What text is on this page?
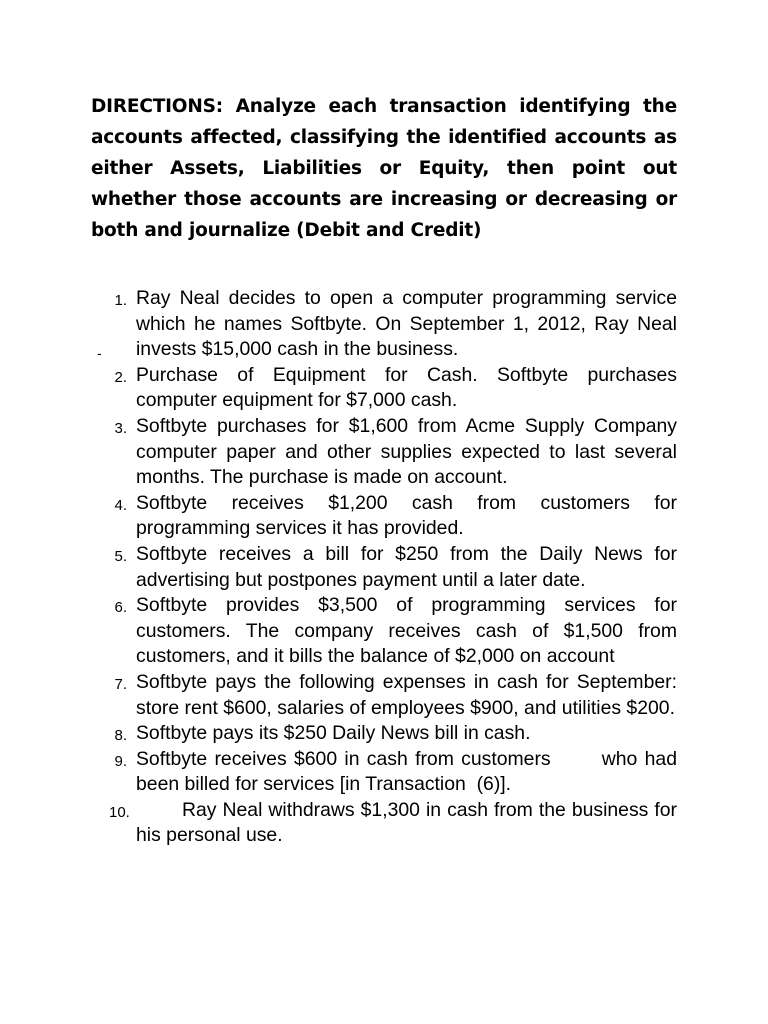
DIRECTIONS: Analyze each transaction identifying the accounts affected, classifying the identified accounts as either Assets, Liabilities or Equity, then point out whether those accounts are increasing or decreasing or both and journalize (Debit and Credit)

1. Ray Neal decides to open a computer programming service which he names Softbyte. On September 1, 2012, Ray Neal invests $15,000 cash in the business.
2. Purchase of Equipment for Cash. Softbyte purchases computer equipment for $7,000 cash.
3. Softbyte purchases for $1,600 from Acme Supply Company computer paper and other supplies expected to last several months. The purchase is made on account.
4. Softbyte receives $1,200 cash from customers for programming services it has provided.
5. Softbyte receives a bill for $250 from the Daily News for advertising but postpones payment until a later date.
6. Softbyte provides $3,500 of programming services for customers. The company receives cash of $1,500 from customers, and it bills the balance of $2,000 on account
7. Softbyte pays the following expenses in cash for September: store rent $600, salaries of employees $900, and utilities $200.
8. Softbyte pays its $250 Daily News bill in cash.
9. Softbyte receives $600 in cash from customers       who had been billed for services [in Transaction  (6)].
10.	Ray Neal withdraws $1,300 in cash from the business for his personal use.
-
